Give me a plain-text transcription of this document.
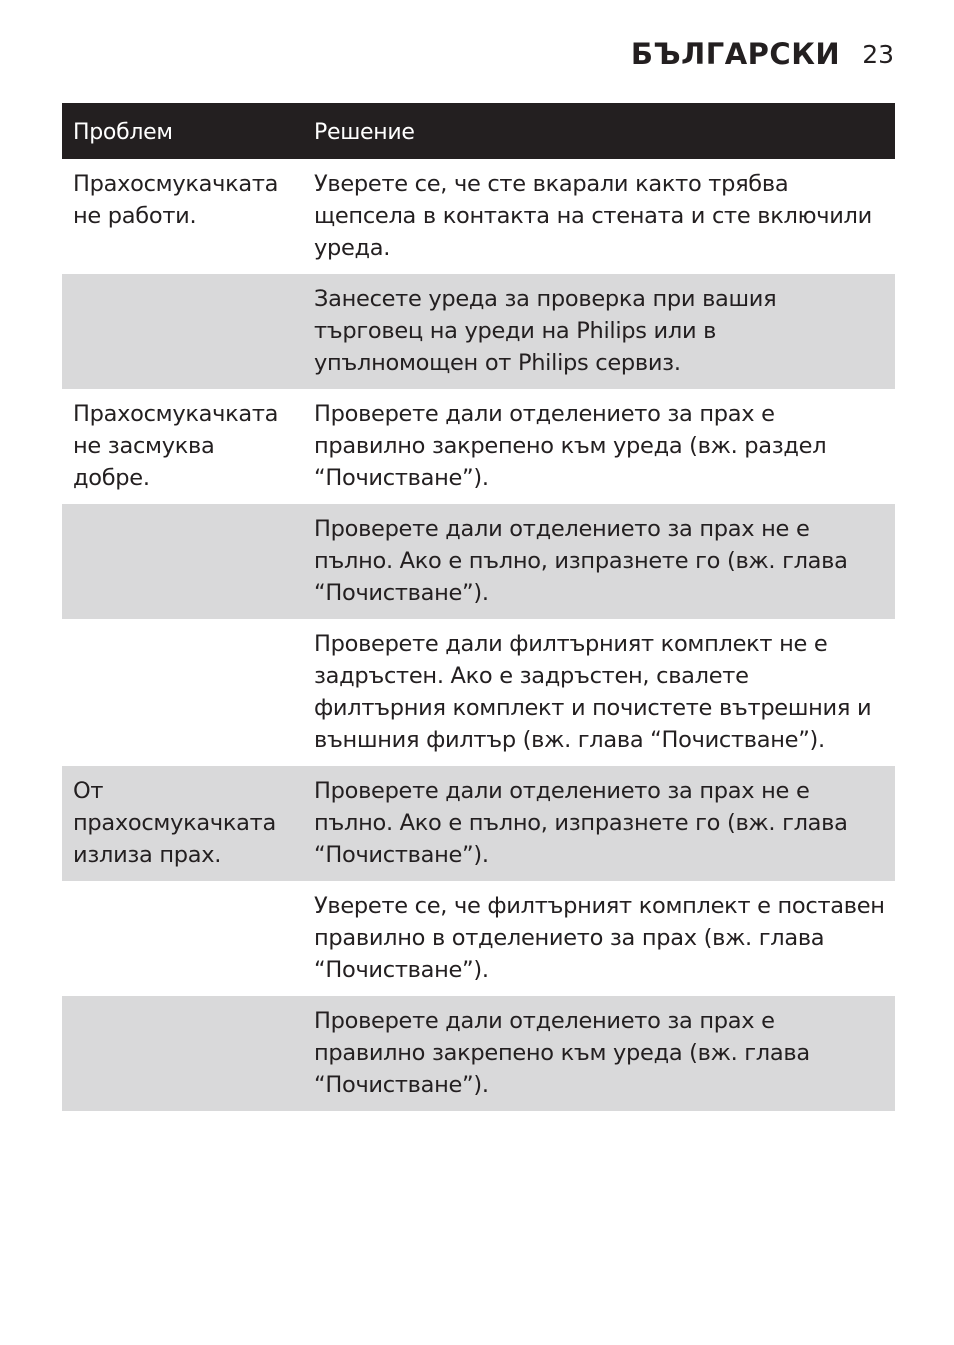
БЪЛГАРСКИ 23
Проблем	Решение
Прахосмукачката не работи.
Уверете се, че сте вкарали както трябва щепсела в контакта на стената и сте включили уреда.
Занесете уреда за проверка при вашия търговец на уреди на Philips или в упълномощен от Philips сервиз.
Прахосмукачката не засмуква добре.
Проверете дали отделението за прах е правилно закрепено към уреда (вж. раздел “Почистване”).
Проверете дали отделението за прах не е пълно. Ако е пълно, изпразнете го (вж. глава “Почистване”).
Проверете дали филтърният комплект не е задръстен. Ако е задръстен, свалете филтърния комплект и почистете вътрешния и външния филтър (вж. глава “Почистване”).
От прахосмукачката излиза прах.
Проверете дали отделението за прах не е пълно. Ако е пълно, изпразнете го (вж. глава “Почистване”).
Уверете се, че филтърният комплект е поставен правилно в отделението за прах (вж. глава “Почистване”).
Проверете дали отделението за прах е правилно закрепено към уреда (вж. глава “Почистване”).
